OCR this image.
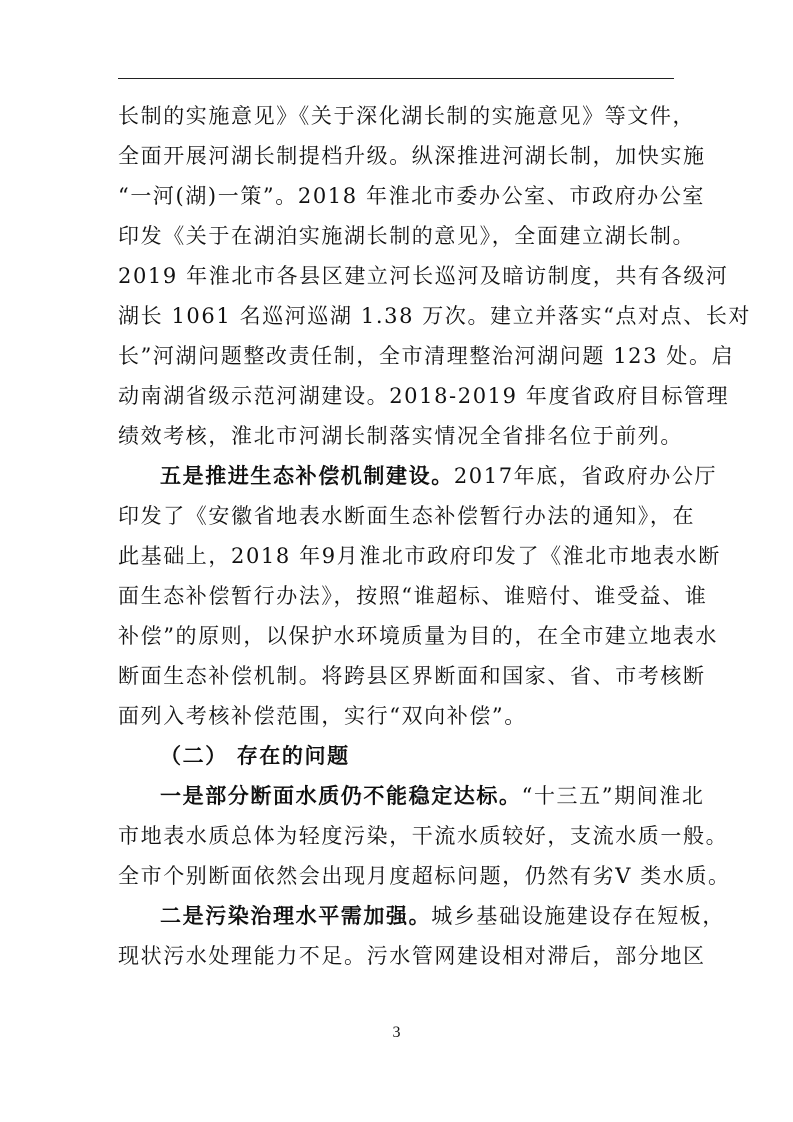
长制的实施意见》《关于深化湖长制的实施意见》等文件，
全面开展河湖长制提档升级。纵深推进河湖长制，加快实施
“一河(湖)一策”。2018 年淮北市委办公室、市政府办公室
印发《关于在湖泊实施湖长制的意见》，全面建立湖长制。
2019 年淮北市各县区建立河长巡河及暗访制度，共有各级河
湖长 1061 名巡河巡湖 1.38 万次。建立并落实“点对点、长对
长”河湖问题整改责任制，全市清理整治河湖问题 123 处。启
动南湖省级示范河湖建设。2018-2019 年度省政府目标管理
绩效考核，淮北市河湖长制落实情况全省排名位于前列。
五是推进生态补偿机制建设。2017年底，省政府办公厅
印发了《安徽省地表水断面生态补偿暂行办法的通知》，在
此基础上，2018 年9月淮北市政府印发了《淮北市地表水断
面生态补偿暂行办法》，按照“谁超标、谁赔付、谁受益、谁
补偿”的原则，以保护水环境质量为目的，在全市建立地表水
断面生态补偿机制。将跨县区界断面和国家、省、市考核断
面列入考核补偿范围，实行“双向补偿”。
（二） 存在的问题
一是部分断面水质仍不能稳定达标。“十三五”期间淮北
市地表水质总体为轻度污染，干流水质较好，支流水质一般。
全市个别断面依然会出现月度超标问题，仍然有劣V 类水质。
二是污染治理水平需加强。城乡基础设施建设存在短板，
现状污水处理能力不足。污水管网建设相对滞后，部分地区
3
